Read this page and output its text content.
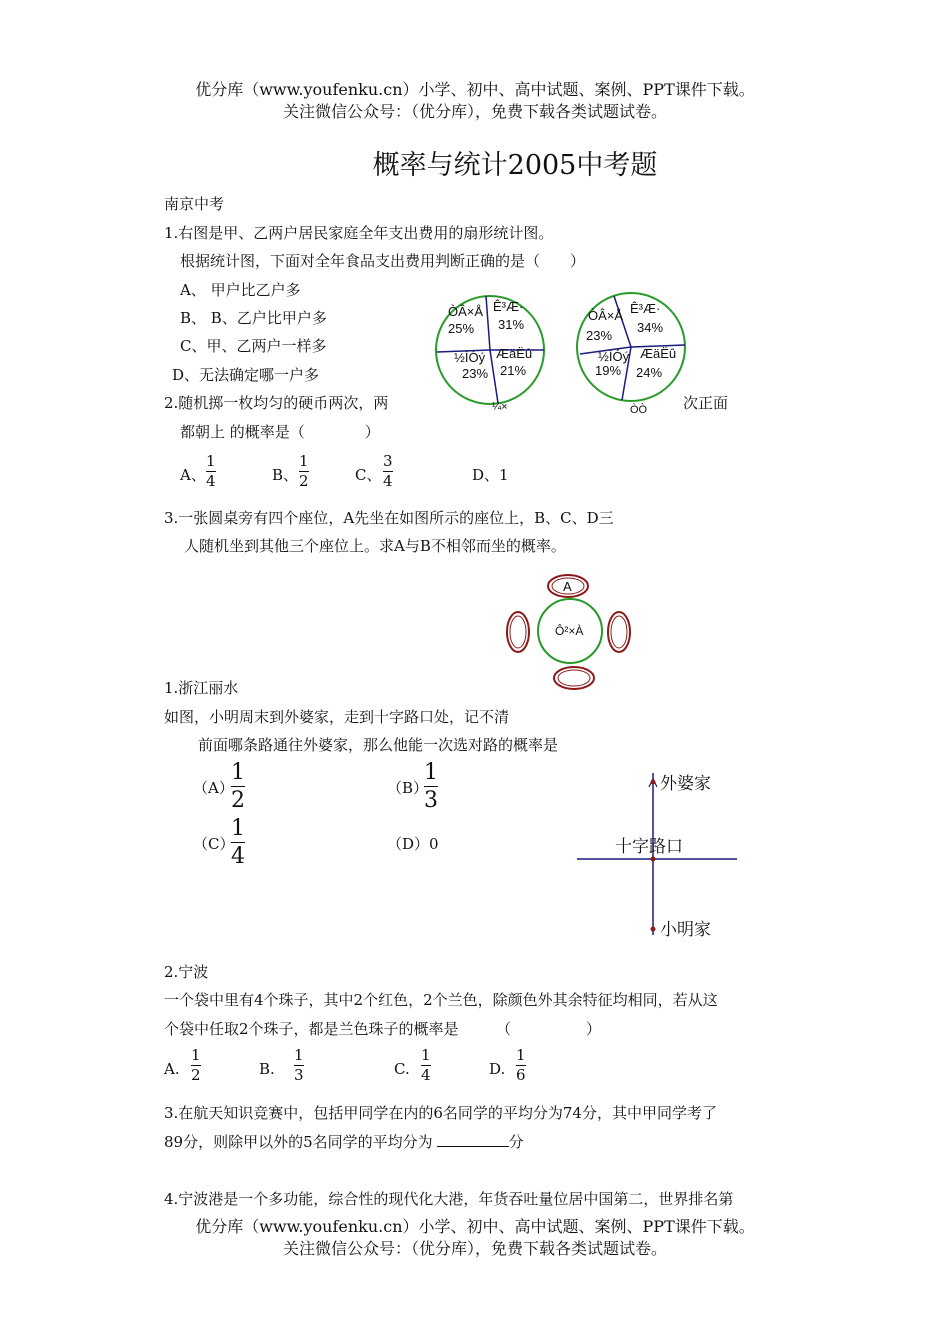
优分库（www.youfenku.cn）小学、初中、高中试题、案例、PPT课件下载。
关注微信公众号：（优分库），免费下载各类试题试卷。
概率与统计2005中考题
南京中考
1.右图是甲、乙两户居民家庭全年支出费用的扇形统计图。
根据统计图，下面对全年食品支出费用判断正确的是（　　）
A、 甲户比乙户多
B、 B、乙户比甲户多
C、甲、乙两户一样多
D、无法确定哪一户多
ÒÂ×Å
25%
Ê³Æ·
31%
½ÌÓý
23%
ÆäËû
21%
¼×
ÒÂ×Å
23%
Ê³Æ·
34%
½ÌÓý
19%
ÆäËû
24%
ÒÒ
2.随机掷一枚均匀的硬币两次，两	次正面
都朝上 的概率是（　　　　）
A、
1
4	B、
1
2	C、
3
4	D、1
3.一张圆桌旁有四个座位，A先坐在如图所示的座位上，B、C、D三
人随机坐到其他三个座位上。求A与B不相邻而坐的概率。
A
Ô²×À
1.浙江丽水
如图，小明周末到外婆家，走到十字路口处，记不清
前面哪条路通往外婆家，那么他能一次选对路的概率是
（A）
1
2
（B）
1
3
（C）
1
4
（D）0
外婆家
十字路口
小明家
2.宁波
一个袋中里有4个珠子，其中2个红色，2个兰色，除颜色外其余特征均相同，若从这
个袋中任取2个珠子，都是兰色珠子的概率是　　　（　　　　　）
A.
1
2	B.
1
3	C.
1
4	D.
1
6
3.在航天知识竞赛中，包括甲同学在内的6名同学的平均分为74分，其中甲同学考了
89分，则除甲以外的5名同学的平均分为	分
4.宁波港是一个多功能，综合性的现代化大港，年货吞吐量位居中国第二，世界排名第
优分库（www.youfenku.cn）小学、初中、高中试题、案例、PPT课件下载。
关注微信公众号：（优分库），免费下载各类试题试卷。
